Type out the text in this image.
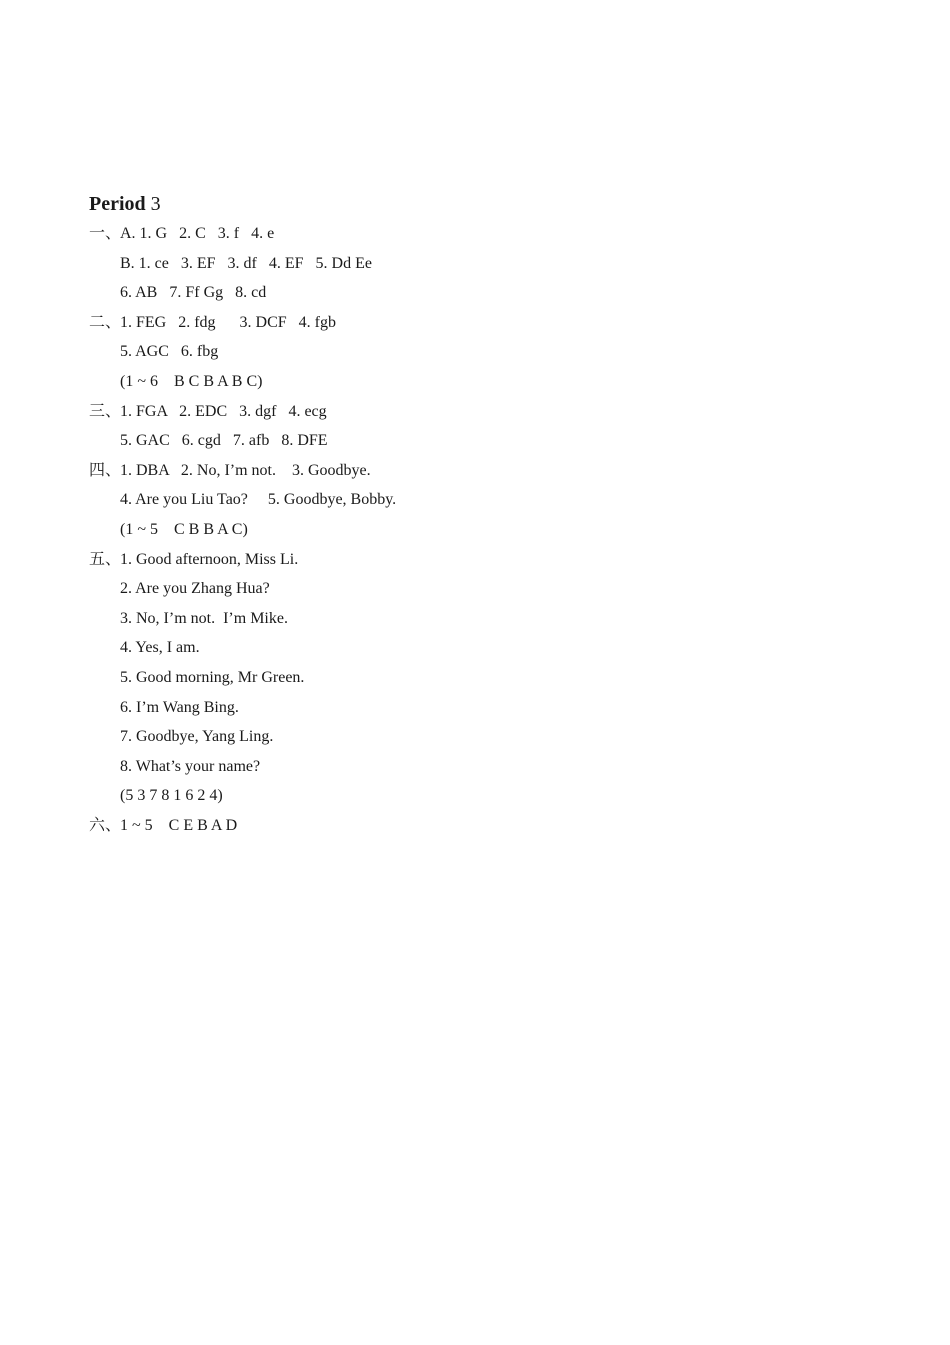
Period 3
一、A. 1. G   2. C   3. f   4. e
B. 1. ce   3. EF   3. df   4. EF   5. Dd Ee
6. AB   7. Ff Gg   8. cd
二、1. FEG   2. fdg      3. DCF   4. fgb
5. AGC   6. fbg
(1 ~ 6    B C B A B C)
三、1. FGA   2. EDC   3. dgf   4. ecg
5. GAC   6. cgd   7. afb   8. DFE
四、1. DBA   2. No, I’m not.    3. Goodbye.
4. Are you Liu Tao?     5. Goodbye, Bobby.
(1 ~ 5    C B B A C)
五、1. Good afternoon, Miss Li.
2. Are you Zhang Hua?
3. No, I’m not.  I’m Mike.
4. Yes, I am.
5. Good morning, Mr Green.
6. I’m Wang Bing.
7. Goodbye, Yang Ling.
8. What’s your name?
(5 3 7 8 1 6 2 4)
六、1 ~ 5    C E B A D
